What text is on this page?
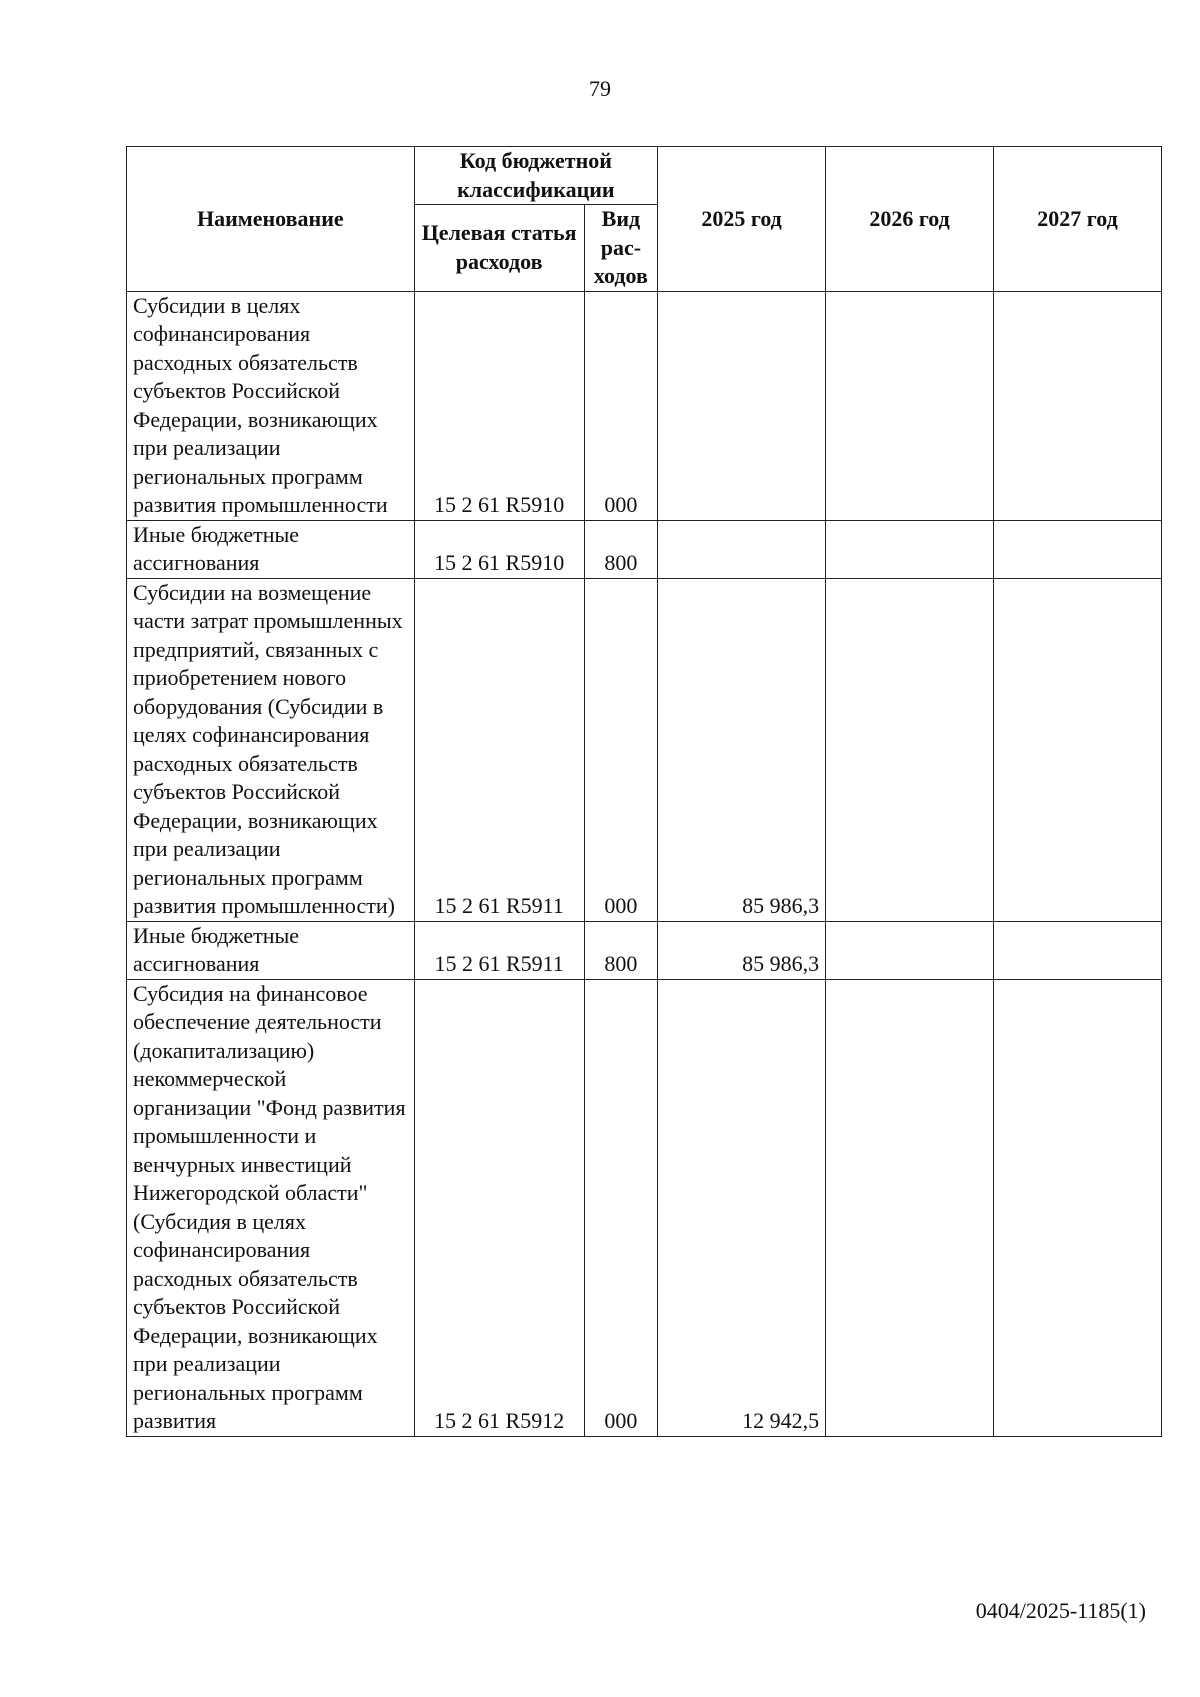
79
Наименование	Код бюджетной классификации		2025 год	2026 год	2027 год
	Целевая статья расходов	Вид рас-ходов			
Субсидии в целях софинансирования расходных обязательств субъектов Российской Федерации, возникающих при реализации региональных программ развития промышленности	15 2 61 R5910	000			
Иные бюджетные ассигнования	15 2 61 R5910	800			
Субсидии на возмещение части затрат промышленных предприятий, связанных с приобретением нового оборудования (Субсидии в целях софинансирования расходных обязательств субъектов Российской Федерации, возникающих при реализации региональных программ развития промышленности)	15 2 61 R5911	000	85 986,3		
Иные бюджетные ассигнования	15 2 61 R5911	800	85 986,3		
Субсидия на финансовое обеспечение деятельности (докапитализацию) некоммерческой организации "Фонд развития промышленности и венчурных инвестиций Нижегородской области" (Субсидия в целях софинансирования расходных обязательств субъектов Российской Федерации, возникающих при реализации региональных программ развития	15 2 61 R5912	000	12 942,5		
0404/2025-1185(1)
